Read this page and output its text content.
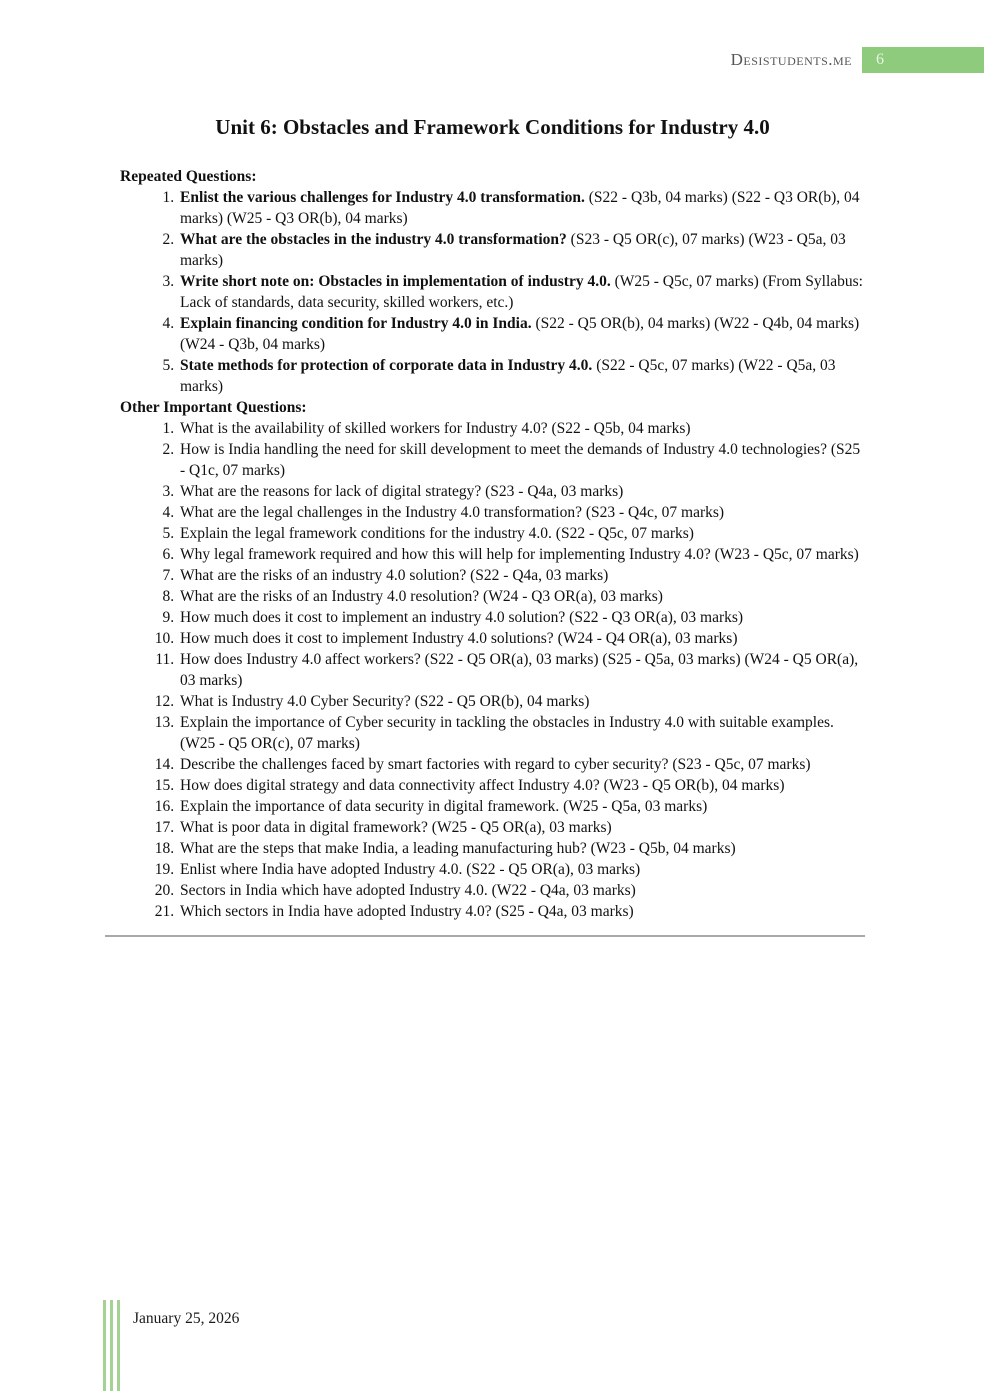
Desistudents.me	6
Unit 6: Obstacles and Framework Conditions for Industry 4.0
Repeated Questions:
1. Enlist the various challenges for Industry 4.0 transformation. (S22 - Q3b, 04 marks) (S22 - Q3 OR(b), 04 marks) (W25 - Q3 OR(b), 04 marks)
2. What are the obstacles in the industry 4.0 transformation? (S23 - Q5 OR(c), 07 marks) (W23 - Q5a, 03 marks)
3. Write short note on: Obstacles in implementation of industry 4.0. (W25 - Q5c, 07 marks) (From Syllabus: Lack of standards, data security, skilled workers, etc.)
4. Explain financing condition for Industry 4.0 in India. (S22 - Q5 OR(b), 04 marks) (W22 - Q4b, 04 marks) (W24 - Q3b, 04 marks)
5. State methods for protection of corporate data in Industry 4.0. (S22 - Q5c, 07 marks) (W22 - Q5a, 03 marks)
Other Important Questions:
1. What is the availability of skilled workers for Industry 4.0? (S22 - Q5b, 04 marks)
2. How is India handling the need for skill development to meet the demands of Industry 4.0 technologies? (S25 - Q1c, 07 marks)
3. What are the reasons for lack of digital strategy? (S23 - Q4a, 03 marks)
4. What are the legal challenges in the Industry 4.0 transformation? (S23 - Q4c, 07 marks)
5. Explain the legal framework conditions for the industry 4.0. (S22 - Q5c, 07 marks)
6. Why legal framework required and how this will help for implementing Industry 4.0? (W23 - Q5c, 07 marks)
7. What are the risks of an industry 4.0 solution? (S22 - Q4a, 03 marks)
8. What are the risks of an Industry 4.0 resolution? (W24 - Q3 OR(a), 03 marks)
9. How much does it cost to implement an industry 4.0 solution? (S22 - Q3 OR(a), 03 marks)
10. How much does it cost to implement Industry 4.0 solutions? (W24 - Q4 OR(a), 03 marks)
11. How does Industry 4.0 affect workers? (S22 - Q5 OR(a), 03 marks) (S25 - Q5a, 03 marks) (W24 - Q5 OR(a), 03 marks)
12. What is Industry 4.0 Cyber Security? (S22 - Q5 OR(b), 04 marks)
13. Explain the importance of Cyber security in tackling the obstacles in Industry 4.0 with suitable examples. (W25 - Q5 OR(c), 07 marks)
14. Describe the challenges faced by smart factories with regard to cyber security? (S23 - Q5c, 07 marks)
15. How does digital strategy and data connectivity affect Industry 4.0? (W23 - Q5 OR(b), 04 marks)
16. Explain the importance of data security in digital framework. (W25 - Q5a, 03 marks)
17. What is poor data in digital framework? (W25 - Q5 OR(a), 03 marks)
18. What are the steps that make India, a leading manufacturing hub? (W23 - Q5b, 04 marks)
19. Enlist where India have adopted Industry 4.0. (S22 - Q5 OR(a), 03 marks)
20. Sectors in India which have adopted Industry 4.0. (W22 - Q4a, 03 marks)
21. Which sectors in India have adopted Industry 4.0? (S25 - Q4a, 03 marks)
January 25, 2026
